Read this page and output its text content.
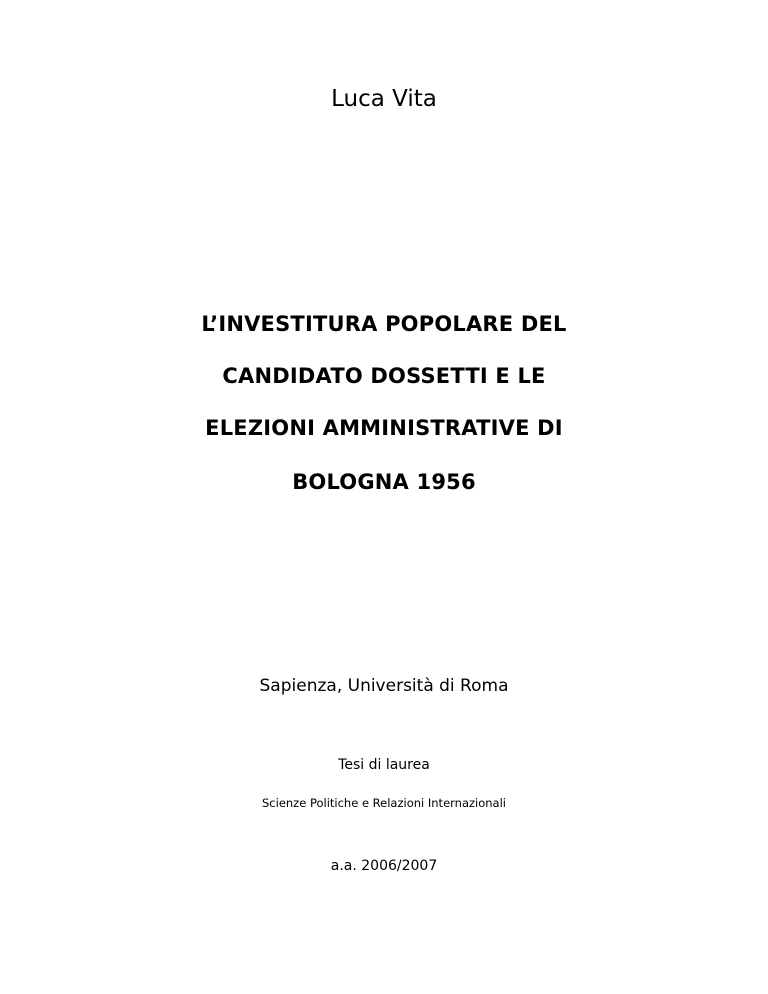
Luca Vita
L’INVESTITURA POPOLARE DEL
CANDIDATO DOSSETTI E LE
ELEZIONI AMMINISTRATIVE DI
BOLOGNA 1956
Sapienza, Università di Roma
Tesi di laurea
Scienze Politiche e Relazioni Internazionali
a.a. 2006/2007
